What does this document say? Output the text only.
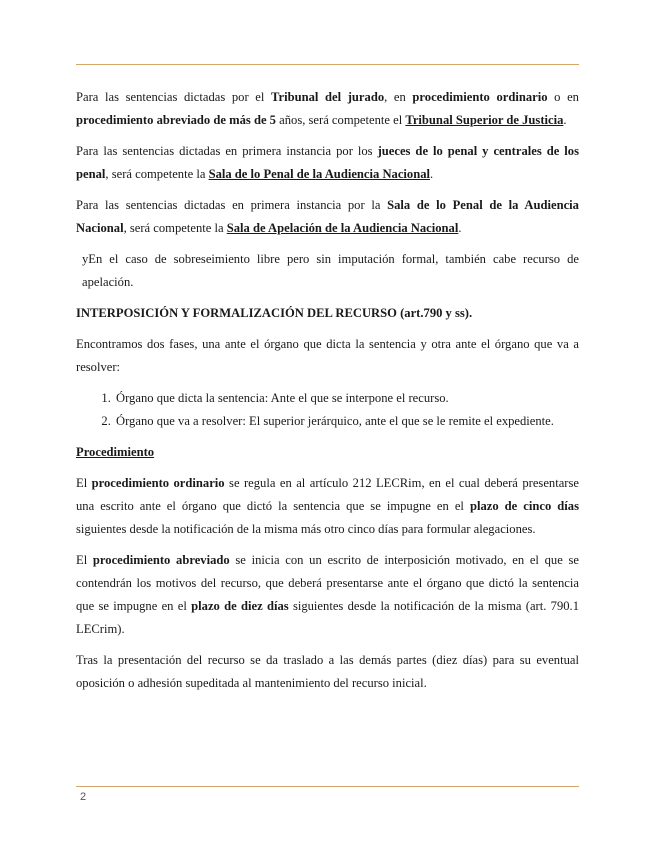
Para las sentencias dictadas por el Tribunal del jurado, en procedimiento ordinario o en procedimiento abreviado de más de 5 años, será competente el Tribunal Superior de Justicia.

Para las sentencias dictadas en primera instancia por los jueces de lo penal y centrales de los penal, será competente la Sala de lo Penal de la Audiencia Nacional.

Para las sentencias dictadas en primera instancia por la Sala de lo Penal de la Audiencia Nacional, será competente la Sala de Apelación de la Audiencia Nacional.

yEn el caso de sobreseimiento libre pero sin imputación formal, también cabe recurso de apelación.

INTERPOSICIÓN Y FORMALIZACIÓN DEL RECURSO (art.790 y ss).

Encontramos dos fases, una ante el órgano que dicta la sentencia y otra ante el órgano que va a resolver:

1. Órgano que dicta la sentencia: Ante el que se interpone el recurso.
2. Órgano que va a resolver: El superior jerárquico, ante el que se le remite el expediente.
Procedimiento

El procedimiento ordinario se regula en al artículo 212 LECRim, en el cual deberá presentarse una escrito ante el órgano que dictó la sentencia que se impugne en el plazo de cinco días siguientes desde la notificación de la misma más otro cinco días para formular alegaciones.

El procedimiento abreviado se inicia con un escrito de interposición motivado, en el que se contendrán los motivos del recurso, que deberá presentarse ante el órgano que dictó la sentencia que se impugne en el plazo de diez días siguientes desde la notificación de la misma (art. 790.1 LECrim).

Tras la presentación del recurso se da traslado a las demás partes (diez días) para su eventual oposición o adhesión supeditada al mantenimiento del recurso inicial.

2
